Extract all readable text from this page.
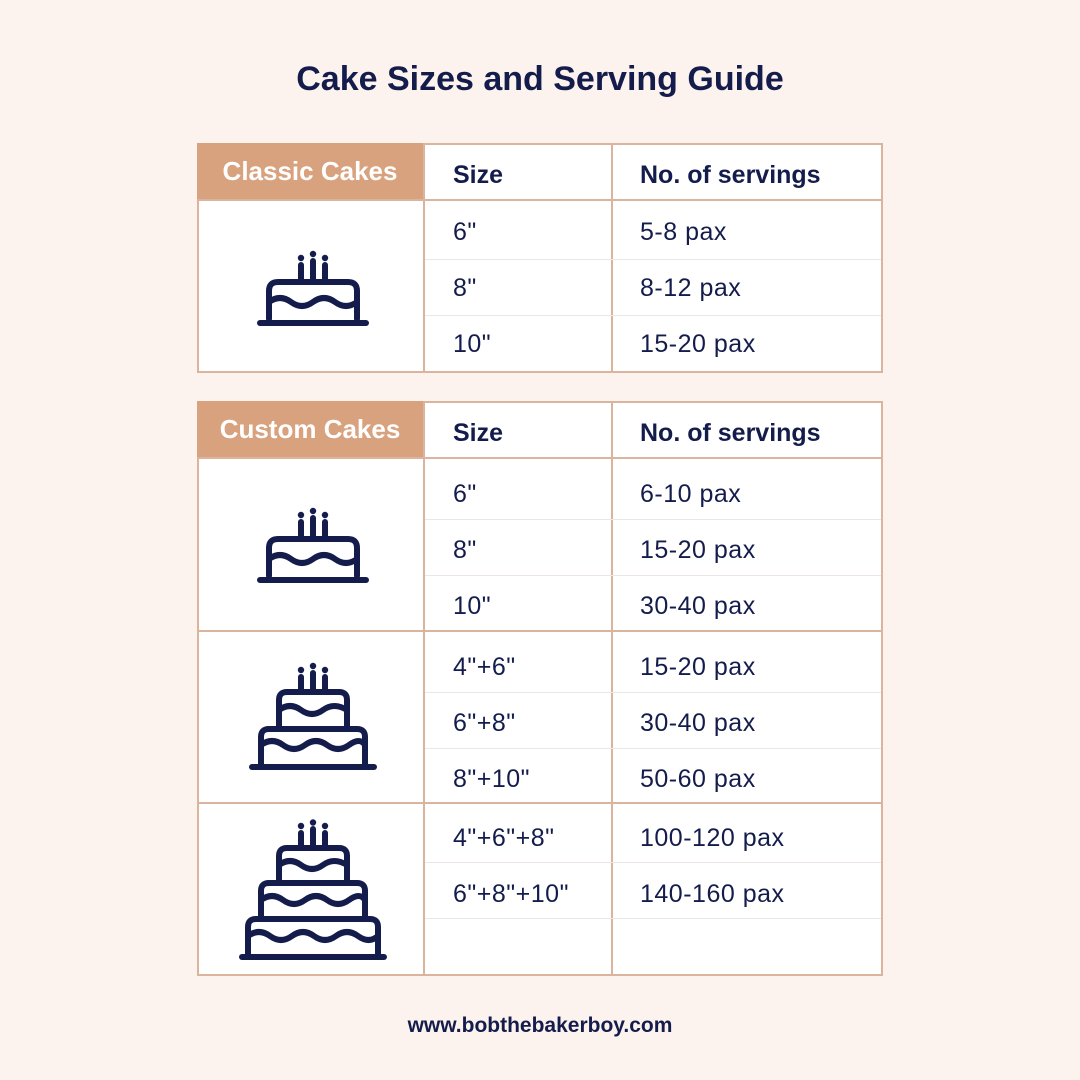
Cake Sizes and Serving Guide
Classic Cakes	Size	No. of servings
6"	5-8 pax
8"	8-12 pax
10"	15-20 pax
Custom Cakes	Size	No. of servings
6"	6-10 pax
8"	15-20 pax
10"	30-40 pax
4"+6"	15-20 pax
6"+8"	30-40 pax
8"+10"	50-60 pax
4"+6"+8"	100-120 pax
6"+8"+10"	140-160 pax
www.bobthebakerboy.com
